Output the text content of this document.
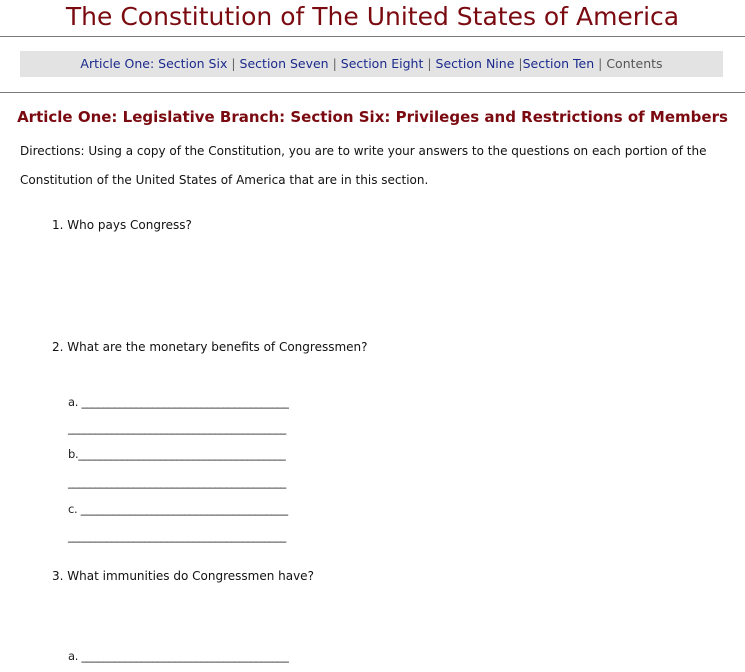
The Constitution of The United States of America
Article One: Section Six | Section Seven | Section Eight | Section Nine |Section Ten | Contents
Article One: Legislative Branch: Section Six: Privileges and Restrictions of Members

Directions: Using a copy of the Constitution, you are to write your answers to the questions on each portion of the Constitution of the United States of America that are in this section.

1. Who pays Congress?
2. What are the monetary benefits of Congressmen?
a. ______________________________________
________________________________________
b.______________________________________
________________________________________
c. ______________________________________
________________________________________
3. What immunities do Congressmen have?
a. ______________________________________
